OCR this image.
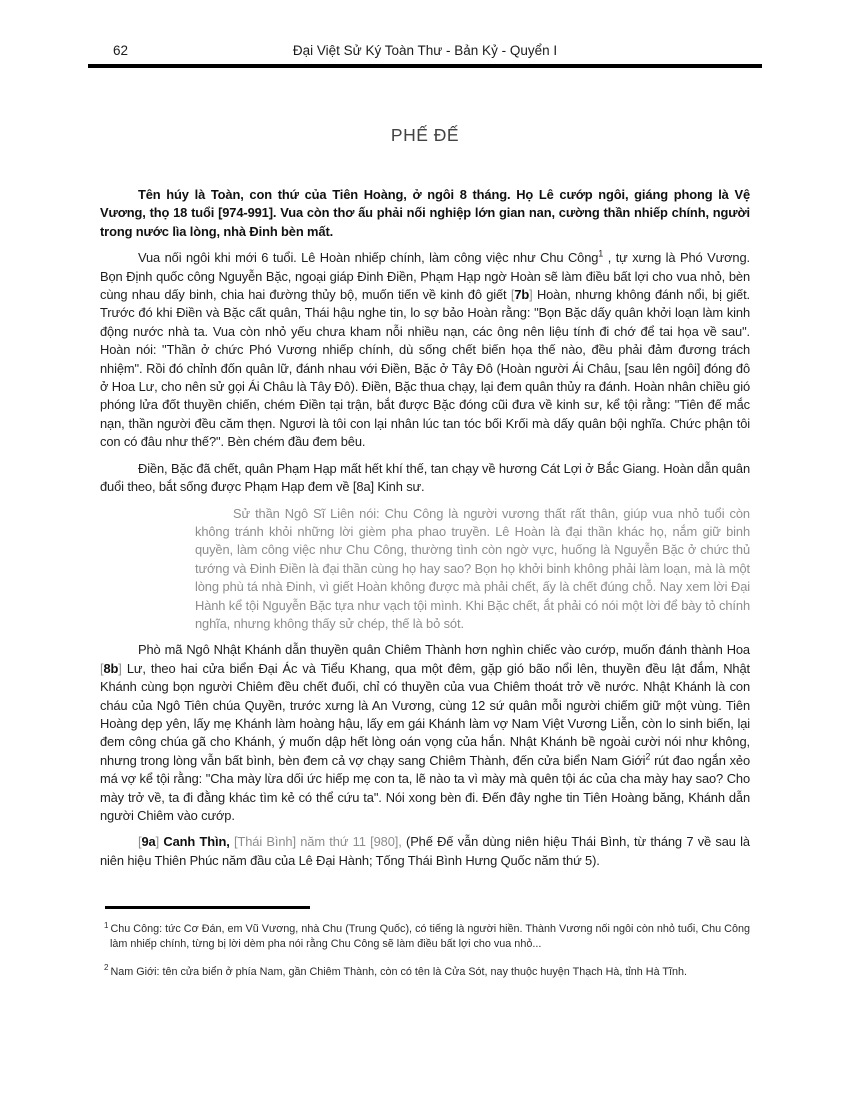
62	Đại Việt Sử Ký Toàn Thư - Bản Kỷ - Quyển I
PHẾ ĐẾ

Tên húy là Toàn, con thứ của Tiên Hoàng, ở ngôi 8 tháng. Họ Lê cướp ngôi, giáng phong là Vệ Vương, thọ 18 tuổi [974-991]. Vua còn thơ ấu phải nối nghiệp lớn gian nan, cường thần nhiếp chính, người trong nước lìa lòng, nhà Đinh bèn mất.

Vua nối ngôi khi mới 6 tuổi. Lê Hoàn nhiếp chính, làm công việc như Chu Công$^1$ , tự xưng là Phó Vương. Bọn Định quốc công Nguyễn Bặc, ngoại giáp Đinh Điền, Phạm Hạp ngờ Hoàn sẽ làm điều bất lợi cho vua nhỏ, bèn cùng nhau dấy binh, chia hai đường thủy bộ, muốn tiến về kinh đô giết [7b] Hoàn, nhưng không đánh nổi, bị giết. Trước đó khi Điền và Bặc cất quân, Thái hậu nghe tin, lo sợ bảo Hoàn rằng: "Bọn Bặc dấy quân khởi loạn làm kinh động nước nhà ta. Vua còn nhỏ yếu chưa kham nỗi nhiều nạn, các ông nên liệu tính đi chớ để tai họa về sau". Hoàn nói: "Thần ở chức Phó Vương nhiếp chính, dù sống chết biến họa thế nào, đều phải đảm đương trách nhiệm". Rồi đó chỉnh đốn quân lữ, đánh nhau với Điền, Bặc ở Tây Đô (Hoàn người Ái Châu, [sau lên ngôi] đóng đô ở Hoa Lư, cho nên sử gọi Ái Châu là Tây Đô). Điền, Bặc thua chạy, lại đem quân thủy ra đánh. Hoàn nhân chiều gió phóng lửa đốt thuyền chiến, chém Điền tại trận, bắt được Bặc đóng cũi đưa về kinh sư, kể tội rằng: "Tiên đế mắc nạn, thần người đều căm thẹn. Ngươi là tôi con lại nhân lúc tan tóc bối Krối mà dấy quân bội nghĩa. Chức phận tôi con có đâu như thế?". Bèn chém đầu đem bêu.

Điền, Bặc đã chết, quân Phạm Hạp mất hết khí thế, tan chạy về hương Cát Lợi ở Bắc Giang. Hoàn dẫn quân đuổi theo, bắt sống được Phạm Hạp đem về [8a] Kinh sư.

Sử thần Ngô Sĩ Liên nói: Chu Công là người vương thất rất thân, giúp vua nhỏ tuổi còn không tránh khỏi những lời gièm pha phao truyền. Lê Hoàn là đại thần khác họ, nắm giữ binh quyền, làm công việc như Chu Công, thường tình còn ngờ vực, huống là Nguyễn Bặc ở chức thủ tướng và Đinh Điền là đại thần cùng họ hay sao? Bọn họ khởi binh không phải làm loạn, mà là một lòng phù tá nhà Đinh, vì giết Hoàn không được mà phải chết, ấy là chết đúng chỗ. Nay xem lời Đại Hành kể tội Nguyễn Bặc tựa như vạch tội mình. Khi Bặc chết, ắt phải có nói một lời để bày tỏ chính nghĩa, nhưng không thấy sử chép, thế là bỏ sót.

Phò mã Ngô Nhật Khánh dẫn thuyền quân Chiêm Thành hơn nghìn chiếc vào cướp, muốn đánh thành Hoa [8b] Lư, theo hai cửa biển Đại Ác và Tiểu Khang, qua một đêm, gặp gió bão nổi lên, thuyền đều lật đắm, Nhật Khánh cùng bọn người Chiêm đều chết đuối, chỉ có thuyền của vua Chiêm thoát trở về nước. Nhật Khánh là con cháu của Ngô Tiên chúa Quyền, trước xưng là An Vương, cùng 12 sứ quân mỗi người chiếm giữ một vùng. Tiên Hoàng dẹp yên, lấy mẹ Khánh làm hoàng hậu, lấy em gái Khánh làm vợ Nam Việt Vương Liễn, còn lo sinh biến, lại đem công chúa gã cho Khánh, ý muốn dập hết lòng oán vọng của hắn. Nhật Khánh bề ngoài cười nói như không, nhưng trong lòng vẫn bất bình, bèn đem cả vợ chạy sang Chiêm Thành, đến cửa biển Nam Giới$^2$ rút đao ngắn xẻo má vợ kể tội rằng: "Cha mày lừa dối ức hiếp mẹ con ta, lẽ nào ta vì mày mà quên tội ác của cha mày hay sao? Cho mày trở về, ta đi đằng khác tìm kẻ có thể cứu ta". Nói xong bèn đi. Đến đây nghe tin Tiên Hoàng băng, Khánh dẫn người Chiêm vào cướp.

[9a] Canh Thìn, [Thái Bình] năm thứ 11 [980], (Phế Đế vẫn dùng niên hiệu Thái Bình, từ tháng 7 về sau là niên hiệu Thiên Phúc năm đầu của Lê Đại Hành; Tống Thái Bình Hưng Quốc năm thứ 5).

$^1$ Chu Công: tức Cơ Đán, em Vũ Vương, nhà Chu (Trung Quốc), có tiếng là người hiền. Thành Vương nối ngôi còn nhỏ tuổi, Chu Công làm nhiếp chính, từng bị lời dèm pha nói rằng Chu Công sẽ làm điều bất lợi cho vua nhỏ...
$^2$ Nam Giới: tên cửa biển ở phía Nam, gần Chiêm Thành, còn có tên là Cửa Sót, nay thuộc huyện Thạch Hà, tỉnh Hà Tĩnh.
